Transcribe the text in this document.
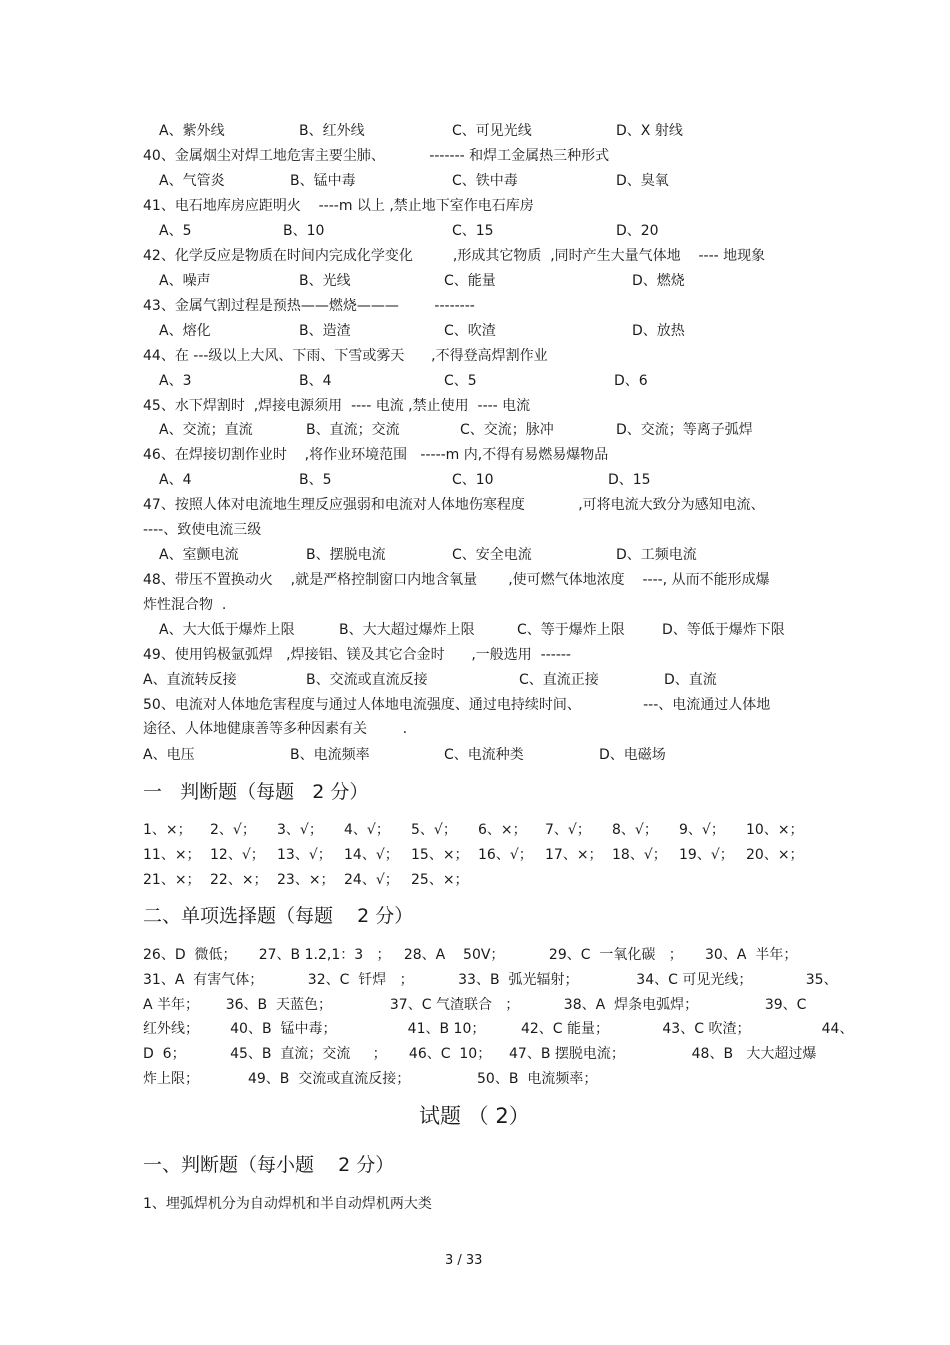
A、紫外线	B、红外线	C、可见光线	D、X 射线
40、金属烟尘对焊工地危害主要尘肺、          ------- 和焊工金属热三种形式
A、气管炎	B、锰中毒	C、铁中毒	D、臭氧
41、电石地库房应距明火    ----m 以上 ,禁止地下室作电石库房
A、5	B、10	C、15	D、20
42、化学反应是物质在时间内完成化学变化         ,形成其它物质  ,同时产生大量气体地    ---- 地现象
A、噪声	B、光线	C、能量	D、燃烧
43、金属气割过程是预热——燃烧———        --------
A、熔化	B、造渣	C、吹渣	D、放热
44、在 ---级以上大风、下雨、下雪或雾天      ,不得登高焊割作业
A、3	B、4	C、5	D、6
45、水下焊割时  ,焊接电源须用  ---- 电流 ,禁止使用  ---- 电流
A、交流；直流	B、直流；交流	C、交流；脉冲	D、交流；等离子弧焊
46、在焊接切割作业时    ,将作业环境范围   -----m 内,不得有易燃易爆物品
A、4	B、5	C、10	D、15
47、按照人体对电流地生理反应强弱和电流对人体地伤寒程度            ,可将电流大致分为感知电流、
----、致使电流三级
A、室颤电流	B、摆脱电流	C、安全电流	D、工频电流
48、带压不置换动火    ,就是严格控制窗口内地含氧量       ,使可燃气体地浓度    ----, 从而不能形成爆
炸性混合物  .
A、大大低于爆炸上限	B、大大超过爆炸上限	C、等于爆炸上限	D、等低于爆炸下限
49、使用钨极氩弧焊   ,焊接铝、镁及其它合金时      ,一般选用  ------
A、直流转反接	B、交流或直流反接	C、直流正接	D、直流
50、电流对人体地危害程度与通过人体地电流强度、通过电持续时间、              ---、电流通过人体地
途径、人体地健康善等多种因素有关        .
A、电压	B、电流频率	C、电流种类	D、电磁场
一   判断题（每题   2 分）
1、×； 2、√； 3、√； 4、√； 5、√； 6、×； 7、√； 8、√； 9、√； 10、×；
11、×； 12、√； 13、√； 14、√； 15、×； 16、√； 17、×； 18、√； 19、√； 20、×；
21、×； 22、×； 23、×； 24、√； 25、×；
二、单项选择题（每题    2 分）
26、D  微低；     27、B 1.2,1：3   ；   28、A    50V；          29、C  一氧化碳   ；     30、A  半年；
31、A  有害气体；          32、C  钎焊   ；          33、B  弧光辐射；             34、C 可见光线；            35、
A 半年；      36、B  天蓝色；             37、C 气渣联合   ；          38、A  焊条电弧焊；               39、C
红外线；       40、B  锰中毒；                41、B 10；        42、C 能量；            43、C 吹渣；                44、
D  6；          45、B  直流；交流     ；     46、C  10；    47、B 摆脱电流；               48、B   大大超过爆
炸上限；           49、B  交流或直流反接；               50、B  电流频率；
试题 （ 2）
一、判断题（每小题    2 分）
1、埋弧焊机分为自动焊机和半自动焊机两大类
3 / 33
